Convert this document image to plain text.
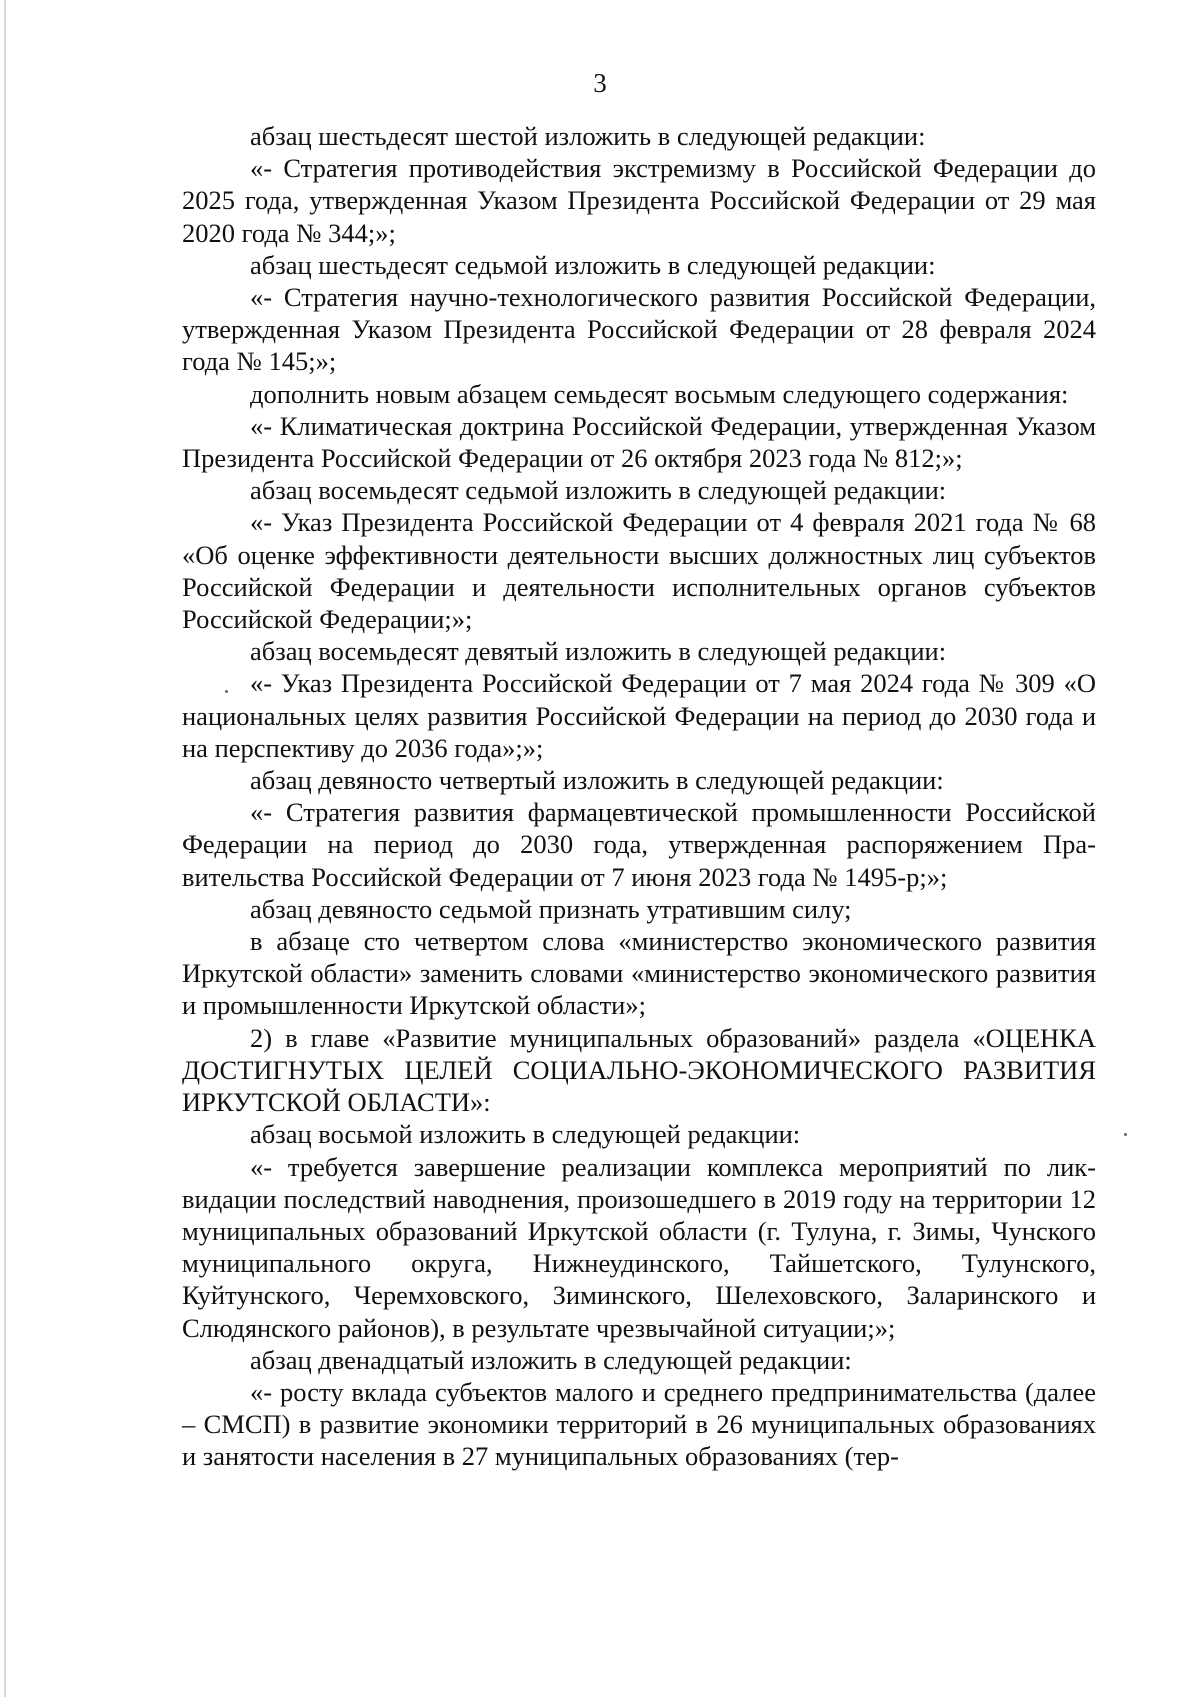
3

абзац шестьдесят шестой изложить в следующей редакции:

«- Стратегия противодействия экстремизму в Российской Федерации до 2025 года, утвержденная Указом Президента Российской Федерации от 29 мая 2020 года № 344;»;

абзац шестьдесят седьмой изложить в следующей редакции:

«- Стратегия научно-технологического развития Российской Федерации, утвержденная Указом Президента Российской Федерации от 28 февраля 2024 года № 145;»;

дополнить новым абзацем семьдесят восьмым следующего содержания:

«- Климатическая доктрина Российской Федерации, утвержденная Указом Президента Российской Федерации от 26 октября 2023 года № 812;»;

абзац восемьдесят седьмой изложить в следующей редакции:

«- Указ Президента Российской Федерации от 4 февраля 2021 года № 68 «Об оценке эффективности деятельности высших должностных лиц субъектов Российской Федерации и деятельности исполнительных органов субъектов Российской Федерации;»;

абзац восемьдесят девятый изложить в следующей редакции:

«- Указ Президента Российской Федерации от 7 мая 2024 года № 309 «О национальных целях развития Российской Федерации на период до 2030 года и на перспективу до 2036 года»;»;

абзац девяносто четвертый изложить в следующей редакции:

«- Стратегия развития фармацевтической промышленности Российской Федерации на период до 2030 года, утвержденная распоряжением Правительства Российской Федерации от 7 июня 2023 года № 1495-р;»;

абзац девяносто седьмой признать утратившим силу;

в абзаце сто четвертом слова «министерство экономического развития Иркутской области» заменить словами «министерство экономического развития и промышленности Иркутской области»;

2) в главе «Развитие муниципальных образований» раздела «ОЦЕНКА ДОСТИГНУТЫХ ЦЕЛЕЙ СОЦИАЛЬНО-ЭКОНОМИЧЕСКОГО РАЗВИТИЯ ИРКУТСКОЙ ОБЛАСТИ»:

абзац восьмой изложить в следующей редакции:

«- требуется завершение реализации комплекса мероприятий по ликвидации последствий наводнения, произошедшего в 2019 году на территории 12 муниципальных образований Иркутской области (г. Тулуна, г. Зимы, Чунского муниципального округа, Нижнеудинского, Тайшетского, Тулунского, Куйтунского, Черемховского, Зиминского, Шелеховского, Заларинского и Слюдянского районов), в результате чрезвычайной ситуации;»;

абзац двенадцатый изложить в следующей редакции:

«- росту вклада субъектов малого и среднего предпринимательства (далее – СМСП) в развитие экономики территорий в 26 муниципальных образованиях и занятости населения в 27 муниципальных образованиях (тер-
